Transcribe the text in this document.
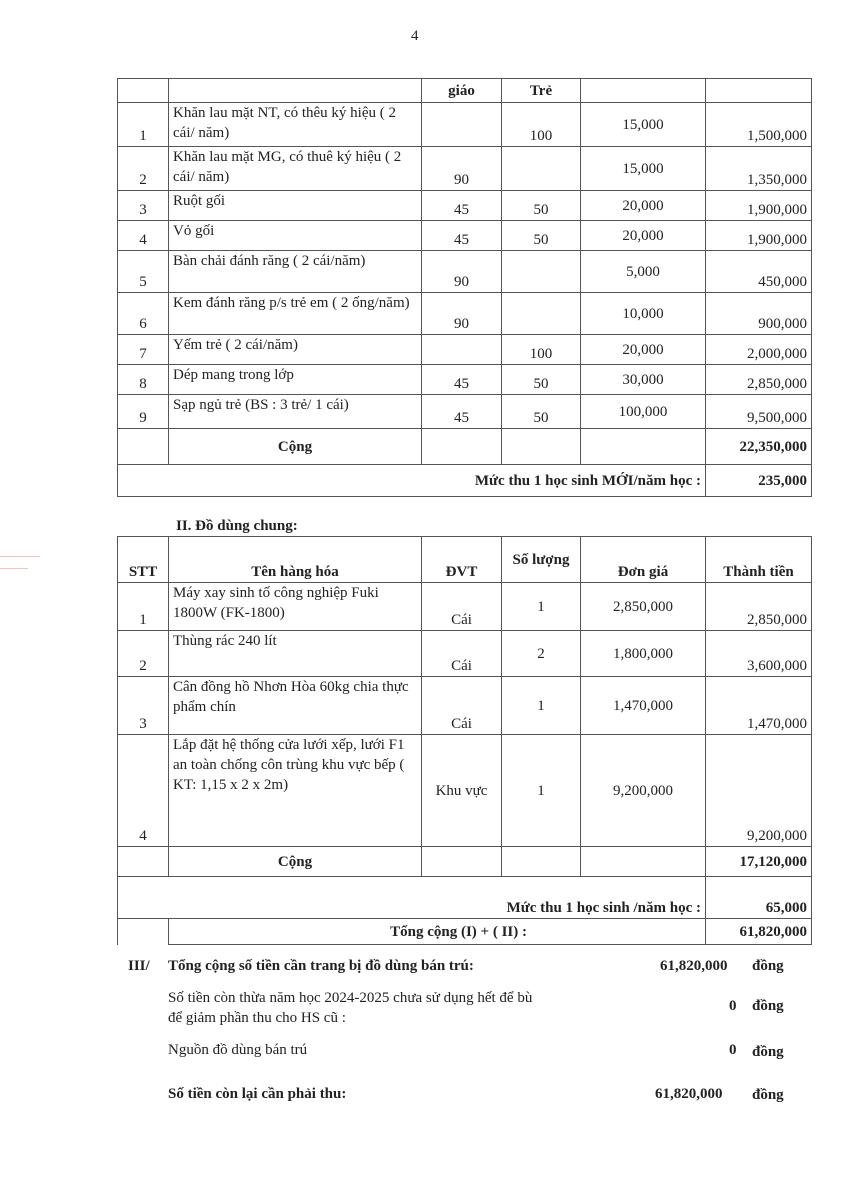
4
		giáo	Trẻ		
1	Khăn lau mặt NT, có thêu ký hiệu ( 2 cái/ năm)		100	15,000	1,500,000
2	Khăn lau mặt MG, có thuê ký hiệu ( 2 cái/ năm)	90		15,000	1,350,000
3	Ruột gối	45	50	20,000	1,900,000
4	Vỏ gối	45	50	20,000	1,900,000
5	Bàn chải đánh răng ( 2 cái/năm)	90		5,000	450,000
6	Kem đánh răng p/s trẻ em ( 2 ống/năm)	90		10,000	900,000
7	Yếm trẻ ( 2 cái/năm)		100	20,000	2,000,000
8	Dép mang trong lớp	45	50	30,000	2,850,000
9	Sạp ngủ trẻ (BS : 3 trẻ/ 1 cái)	45	50	100,000	9,500,000
	Cộng				22,350,000
Mức thu 1 học sinh MỚI/năm học :					235,000
II. Đồ dùng chung:
STT	Tên hàng hóa	ĐVT	Số lượng	Đơn giá	Thành tiền
1	Máy xay sinh tố công nghiệp Fuki 1800W (FK-1800)	Cái	1	2,850,000	2,850,000
2	Thùng rác 240 lít	Cái	2	1,800,000	3,600,000
3	Cân đồng hồ Nhơn Hòa 60kg chia thực phẩm chín	Cái	1	1,470,000	1,470,000
4	Lắp đặt hệ thống cửa lưới xếp, lưới F1 an toàn chống côn trùng khu vực bếp ( KT: 1,15 x 2 x 2m)	Khu vực	1	9,200,000	9,200,000
	Cộng				17,120,000
Mức thu 1 học sinh /năm học :					65,000
	Tổng cộng (I) + ( II) :				61,820,000
III/ Tổng cộng số tiền cần trang bị đồ dùng bán trú:	61,820,000 đồng
Số tiền còn thừa năm học 2024-2025 chưa sử dụng hết để bù
để giảm phần thu cho HS cũ :
0 đồng
Nguồn đồ dùng bán trú	0 đồng
Số tiền còn lại cần phải thu:	61,820,000 đồng
